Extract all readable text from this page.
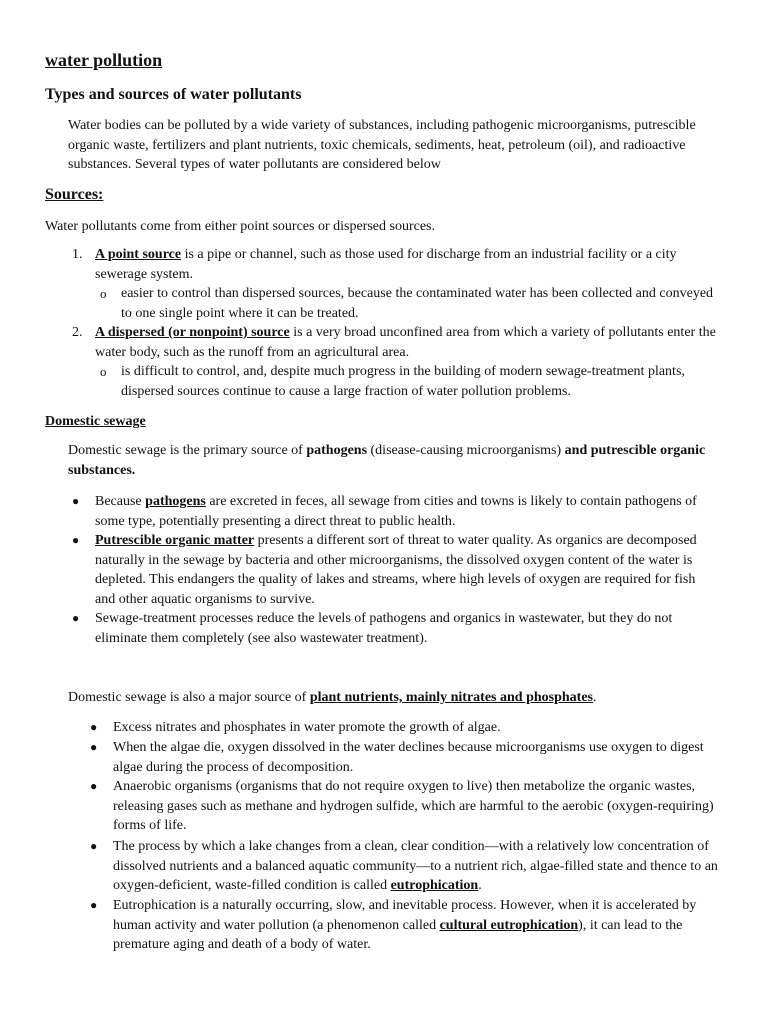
water pollution
Types and sources of water pollutants

Water bodies can be polluted by a wide variety of substances, including pathogenic microorganisms, putrescible organic waste, fertilizers and plant nutrients, toxic chemicals, sediments, heat, petroleum (oil), and radioactive substances. Several types of water pollutants are considered below

Sources:

Water pollutants come from either point sources or dispersed sources.

1. A point source is a pipe or channel, such as those used for discharge from an industrial facility or a city sewerage system.

o easier to control than dispersed sources, because the contaminated water has been collected and conveyed to one single point where it can be treated.

2. A dispersed (or nonpoint) source is a very broad unconfined area from which a variety of pollutants enter the water body, such as the runoff from an agricultural area.

o is difficult to control, and, despite much progress in the building of modern sewage-treatment plants, dispersed sources continue to cause a large fraction of water pollution problems.

Domestic sewage

Domestic sewage is the primary source of pathogens (disease-causing microorganisms) and putrescible organic substances.

● Because pathogens are excreted in feces, all sewage from cities and towns is likely to contain pathogens of some type, potentially presenting a direct threat to public health.

● Putrescible organic matter presents a different sort of threat to water quality. As organics are decomposed naturally in the sewage by bacteria and other microorganisms, the dissolved oxygen content of the water is depleted. This endangers the quality of lakes and streams, where high levels of oxygen are required for fish and other aquatic organisms to survive.

● Sewage-treatment processes reduce the levels of pathogens and organics in wastewater, but they do not eliminate them completely (see also wastewater treatment).

Domestic sewage is also a major source of plant nutrients, mainly nitrates and phosphates.

● Excess nitrates and phosphates in water promote the growth of algae.

● When the algae die, oxygen dissolved in the water declines because microorganisms use oxygen to digest algae during the process of decomposition.

● Anaerobic organisms (organisms that do not require oxygen to live) then metabolize the organic wastes, releasing gases such as methane and hydrogen sulfide, which are harmful to the aerobic (oxygen-requiring) forms of life.

● The process by which a lake changes from a clean, clear condition—with a relatively low concentration of dissolved nutrients and a balanced aquatic community—to a nutrient rich, algae-filled state and thence to an oxygen-deficient, waste-filled condition is called eutrophication.

● Eutrophication is a naturally occurring, slow, and inevitable process. However, when it is accelerated by human activity and water pollution (a phenomenon called cultural eutrophication), it can lead to the premature aging and death of a body of water.
